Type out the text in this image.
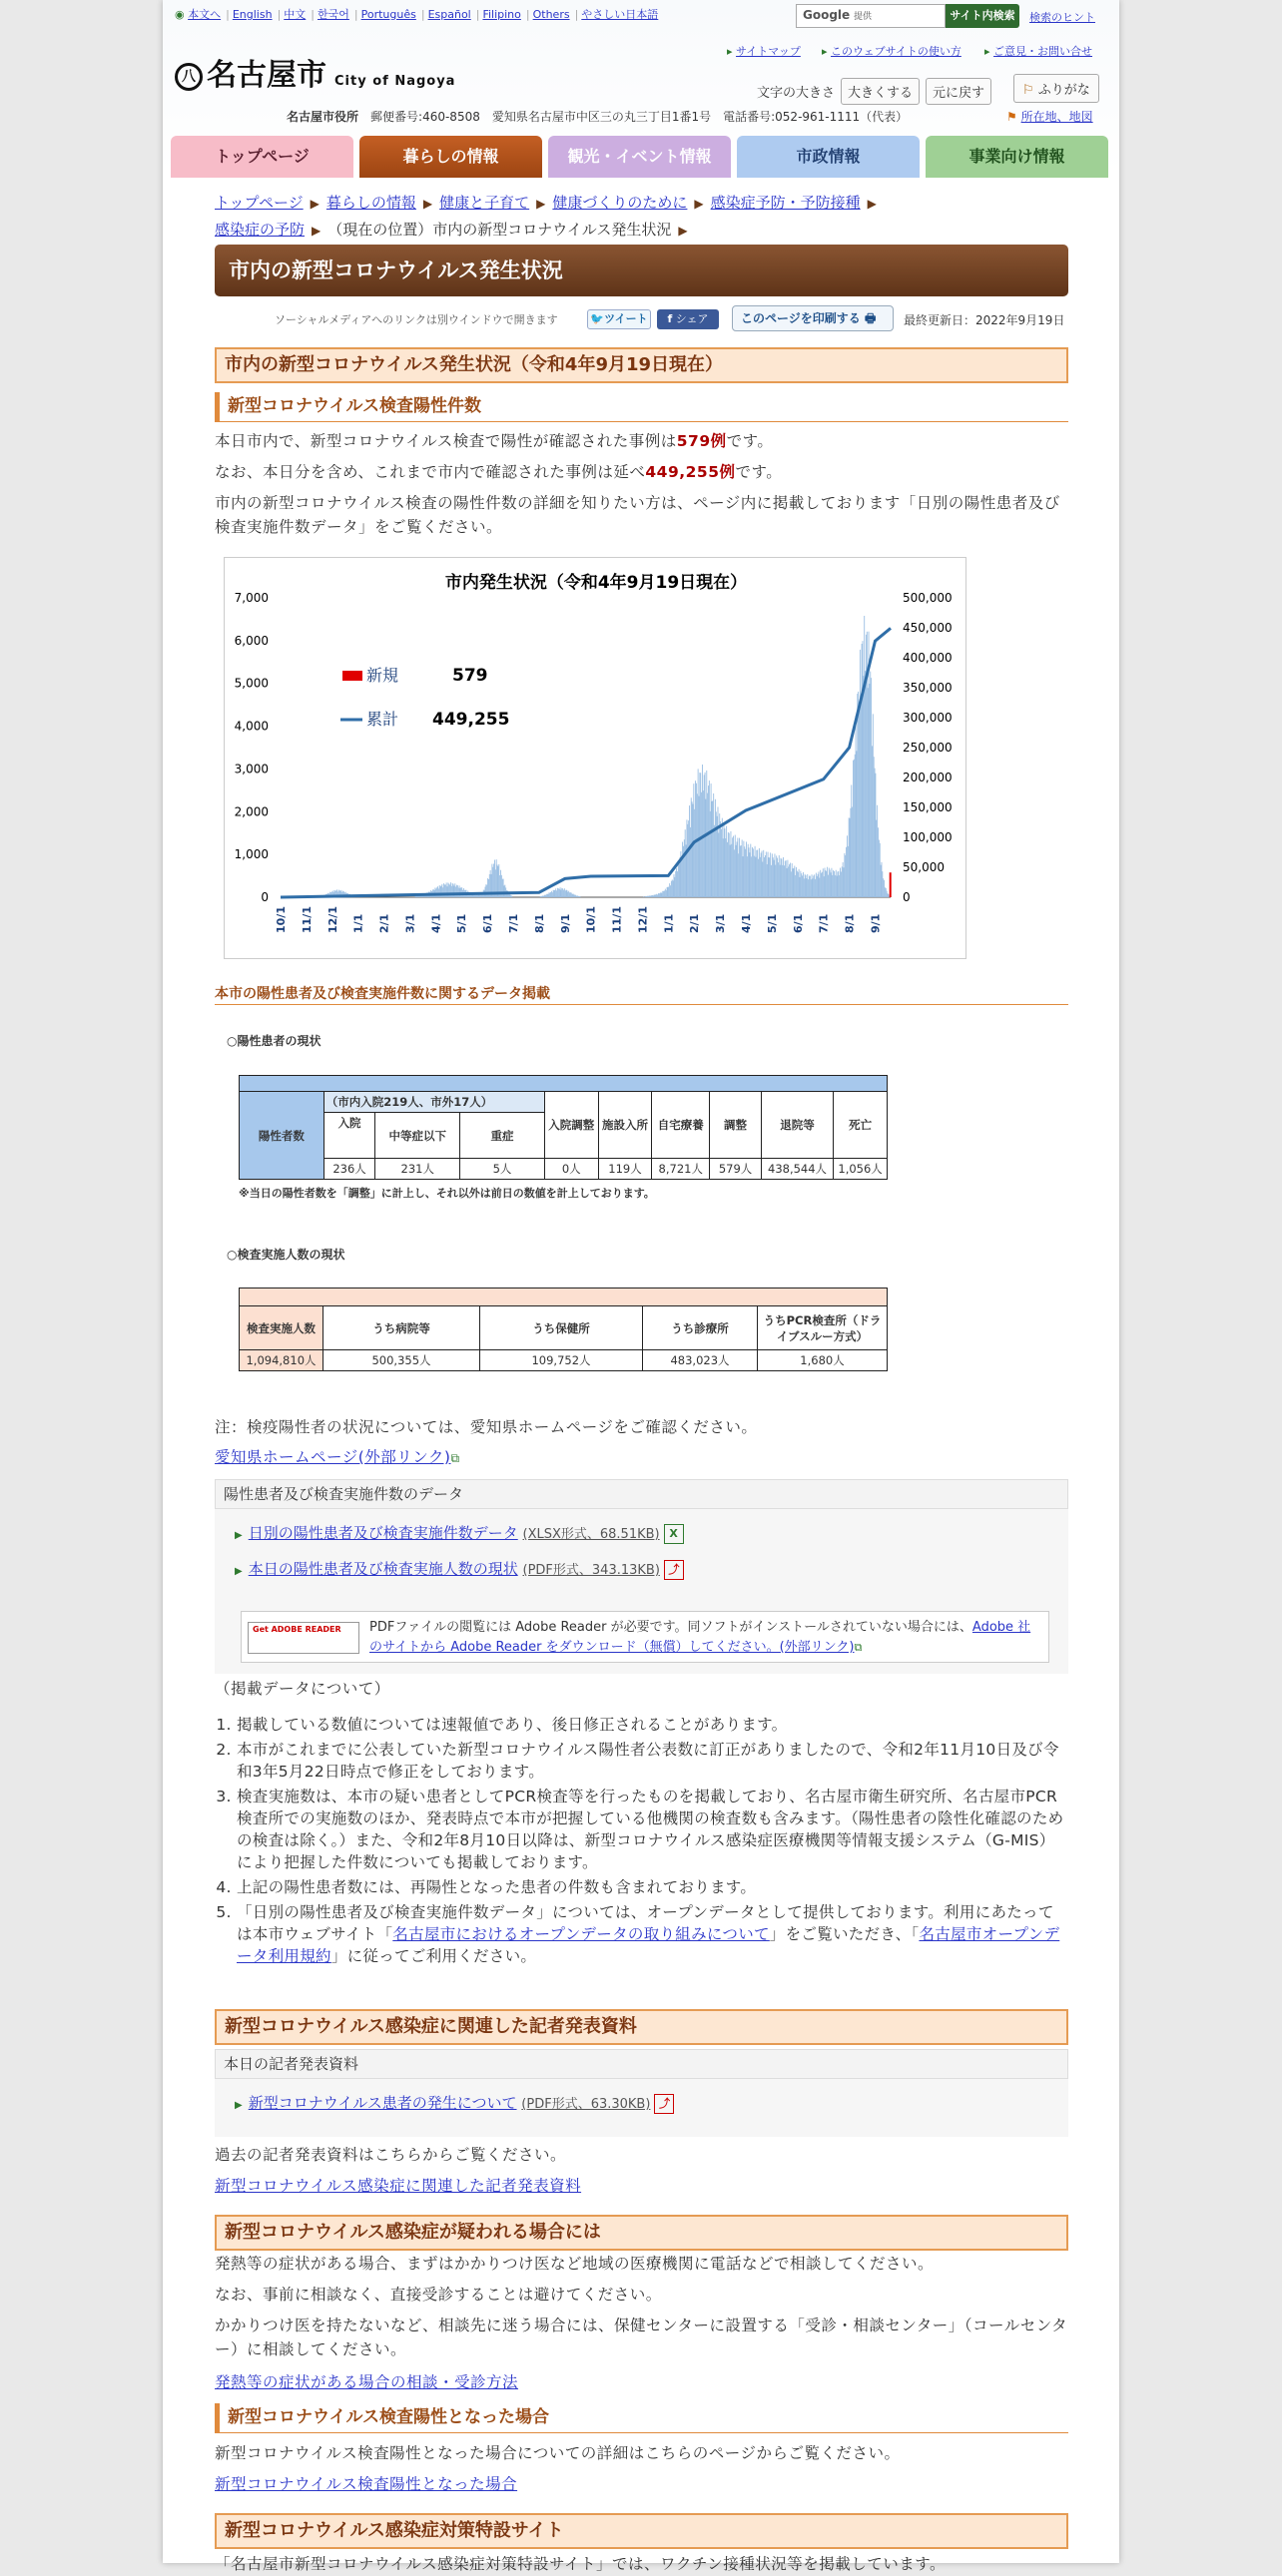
◉ 本文へ | English | 中文 | 한국어 | Português | Español | Filipino | Others | やさしい日本語	Google 提供	サイト内検索	検索のヒント
八 名古屋市 City of Nagoya
▸ サイトマップ ▸ このウェブサイトの使い方 ▸ ご意見・お問い合せ
文字の大きさ 大きくする 元に戻す	⚐ ふりがな
名古屋市役所　 郵便番号:460-8508　愛知県名古屋市中区三の丸三丁目1番1号　電話番号:052-961-1111（代表）	⚑ 所在地、地図
トップページ	暮らしの情報	観光・イベント情報	市政情報	事業向け情報
トップページ ▶ 暮らしの情報 ▶ 健康と子育て ▶ 健康づくりのために ▶ 感染症予防・予防接種 ▶
感染症の予防 ▶ （現在の位置）市内の新型コロナウイルス発生状況 ▶
市内の新型コロナウイルス発生状況
ソーシャルメディアへのリンクは別ウインドウで開きます	🐦ツイート	f シェア	このページを印刷する 🖶	最終更新日：2022年9月19日
市内の新型コロナウイルス発生状況（令和4年9月19日現在）
新型コロナウイルス検査陽性件数
本日市内で、新型コロナウイルス検査で陽性が確認された事例は579例です。
なお、本日分を含め、これまで市内で確認された事例は延べ449,255例です。
市内の新型コロナウイルス検査の陽性件数の詳細を知りたい方は、ページ内に掲載しております「日別の陽性患者及び検査実施件数データ」をご覧ください。
市内発生状況（令和4年9月19日現在）
0
1,000
2,000
3,000
4,000
5,000
6,000
7,000
0
50,000
100,000
150,000
200,000
250,000
300,000
350,000
400,000
450,000
500,000
10/1 11/1 12/1 1/1 2/1 3/1 4/1 5/1 6/1 7/1 8/1 9/1 10/1 11/1 12/1 1/1 2/1 3/1 4/1 5/1 6/1 7/1 8/1 9/1
新規	579
累計 449,255
本市の陽性患者及び検査実施件数に関するデータ掲載
○陽性患者の現状

陽性者数	（市内入院219人、市外17人）			入院調整	施設入所	自宅療養	調整	退院等	死亡
	入院	中等症以下	重症						
	236人	231人	5人	0人	119人	8,721人	579人	438,544人	1,056人
※当日の陽性者数を「調整」に計上し、それ以外は前日の数値を計上しております。
○検査実施人数の現状

検査実施人数	うち病院等	うち保健所	うち診療所	うちPCR検査所（ドライブスルー方式）
1,094,810人	500,355人	109,752人	483,023人	1,680人
注：検疫陽性者の状況については、愛知県ホームページをご確認ください。
愛知県ホームページ(外部リンク)⧉
陽性患者及び検査実施件数のデータ
▶ 日別の陽性患者及び検査実施件数データ (XLSX形式、68.51KB) X
▶ 本日の陽性患者及び検査実施人数の現状 (PDF形式、343.13KB) ⤴
Get ADOBE READER	PDFファイルの閲覧には Adobe Reader が必要です。同ソフトがインストールされていない場合には、Adobe 社のサイトから Adobe Reader をダウンロード（無償）してください。(外部リンク)⧉
（掲載データについて）
1. 掲載している数値については速報値であり、後日修正されることがあります。
2. 本市がこれまでに公表していた新型コロナウイルス陽性者公表数に訂正がありましたので、令和2年11月10日及び令和3年5月22日時点で修正をしております。
3. 検査実施数は、本市の疑い患者としてPCR検査等を行ったものを掲載しており、名古屋市衛生研究所、名古屋市PCR検査所での実施数のほか、発表時点で本市が把握している他機関の検査数も含みます。（陽性患者の陰性化確認のための検査は除く。）また、令和2年8月10日以降は、新型コロナウイルス感染症医療機関等情報支援システム（G-MIS）により把握した件数についても掲載しております。
4. 上記の陽性患者数には、再陽性となった患者の件数も含まれております。
5. 「日別の陽性患者及び検査実施件数データ」については、オープンデータとして提供しております。利用にあたっては本市ウェブサイト「名古屋市におけるオープンデータの取り組みについて」をご覧いただき、「名古屋市オープンデータ利用規約」に従ってご利用ください。
新型コロナウイルス感染症に関連した記者発表資料
本日の記者発表資料
▶ 新型コロナウイルス患者の発生について (PDF形式、63.30KB) ⤴
過去の記者発表資料はこちらからご覧ください。
新型コロナウイルス感染症に関連した記者発表資料
新型コロナウイルス感染症が疑われる場合には
発熱等の症状がある場合、まずはかかりつけ医など地域の医療機関に電話などで相談してください。
なお、事前に相談なく、直接受診することは避けてください。
かかりつけ医を持たないなど、相談先に迷う場合には、保健センターに設置する「受診・相談センター」（コールセンター）に相談してください。
発熱等の症状がある場合の相談・受診方法
新型コロナウイルス検査陽性となった場合
新型コロナウイルス検査陽性となった場合についての詳細はこちらのページからご覧ください。
新型コロナウイルス検査陽性となった場合
新型コロナウイルス感染症対策特設サイト
「名古屋市新型コロナウイルス感染症対策特設サイト」では、ワクチン接種状況等を掲載しています。
